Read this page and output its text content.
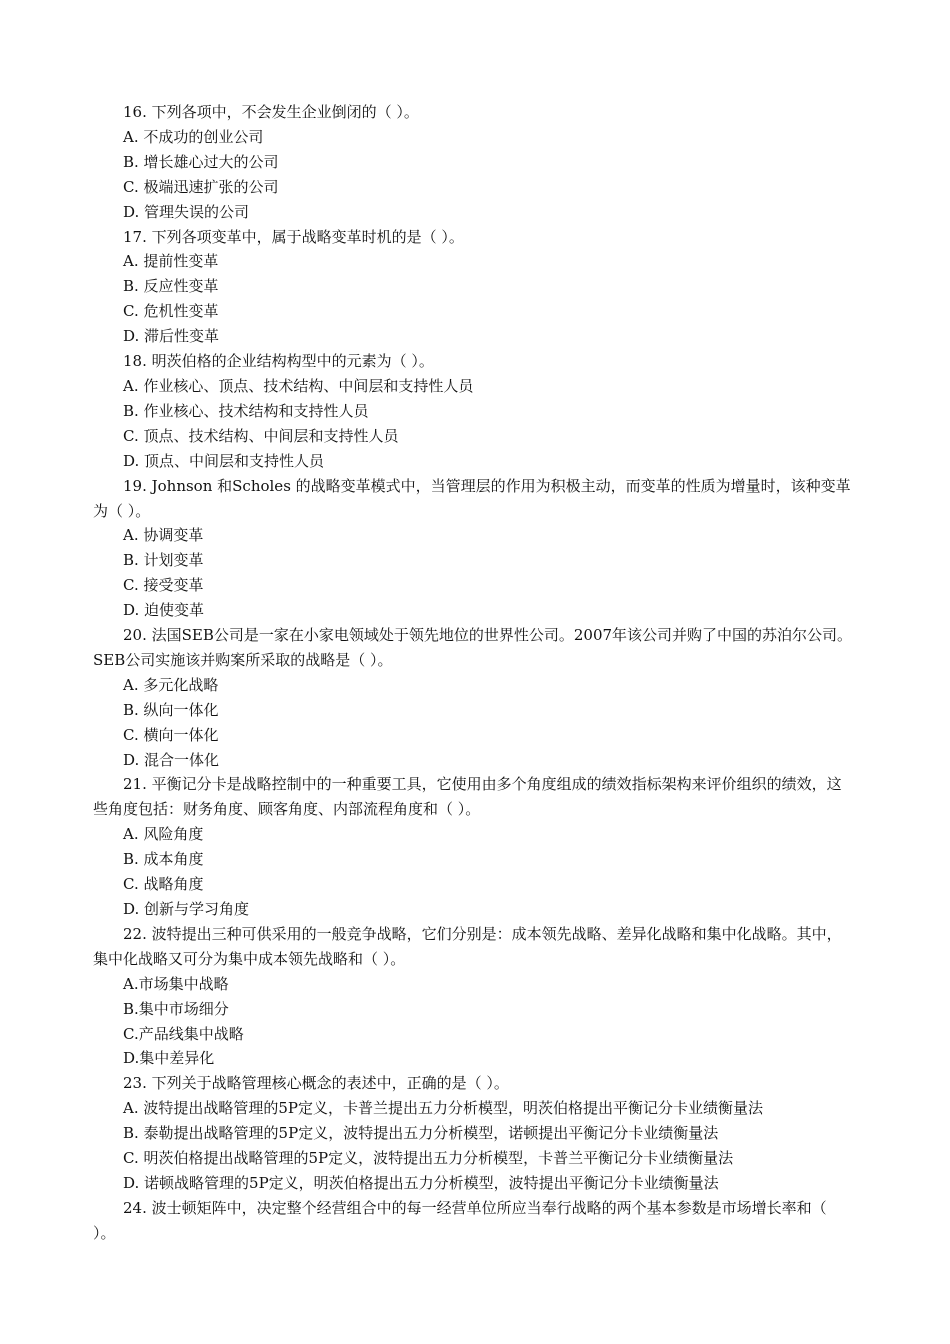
16. 下列各项中，不会发生企业倒闭的（ ）。

A. 不成功的创业公司
B. 增长雄心过大的公司
C. 极端迅速扩张的公司
D. 管理失误的公司

17. 下列各项变革中，属于战略变革时机的是（ ）。

A. 提前性变革
B. 反应性变革
C. 危机性变革
D. 滞后性变革

18. 明茨伯格的企业结构构型中的元素为（ ）。

A. 作业核心、顶点、技术结构、中间层和支持性人员
B. 作业核心、技术结构和支持性人员
C. 顶点、技术结构、中间层和支持性人员
D. 顶点、中间层和支持性人员

19. Johnson 和Scholes 的战略变革模式中，当管理层的作用为积极主动，而变革的性质为增量时，该种变革为（ ）。

A. 协调变革
B. 计划变革
C. 接受变革
D. 迫使变革

20. 法国SEB公司是一家在小家电领域处于领先地位的世界性公司。2007年该公司并购了中国的苏泊尔公司。SEB公司实施该并购案所采取的战略是（ ）。

A. 多元化战略
B. 纵向一体化
C. 横向一体化
D. 混合一体化

21. 平衡记分卡是战略控制中的一种重要工具，它使用由多个角度组成的绩效指标架构来评价组织的绩效，这些角度包括：财务角度、顾客角度、内部流程角度和（ ）。

A. 风险角度
B. 成本角度
C. 战略角度
D. 创新与学习角度

22. 波特提出三种可供采用的一般竞争战略，它们分别是：成本领先战略、差异化战略和集中化战略。其中，集中化战略又可分为集中成本领先战略和（ ）。

A.市场集中战略
B.集中市场细分
C.产品线集中战略
D.集中差异化

23. 下列关于战略管理核心概念的表述中，正确的是（ ）。

A. 波特提出战略管理的5P定义，卡普兰提出五力分析模型，明茨伯格提出平衡记分卡业绩衡量法
B. 泰勒提出战略管理的5P定义，波特提出五力分析模型，诺顿提出平衡记分卡业绩衡量法
C. 明茨伯格提出战略管理的5P定义，波特提出五力分析模型，卡普兰平衡记分卡业绩衡量法
D. 诺顿战略管理的5P定义，明茨伯格提出五力分析模型，波特提出平衡记分卡业绩衡量法

24. 波士顿矩阵中，决定整个经营组合中的每一经营单位所应当奉行战略的两个基本参数是市场增长率和（ ）。
